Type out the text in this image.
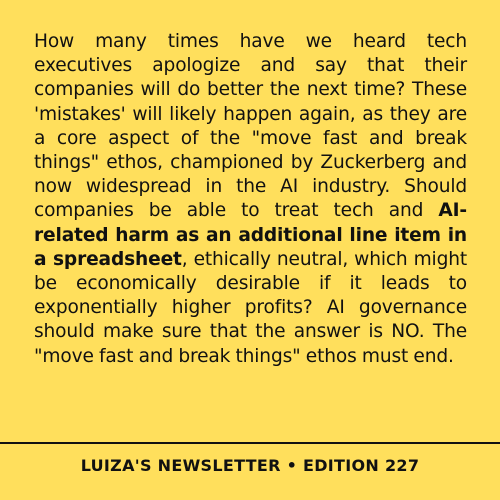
How many times have we heard tech executives apologize and say that their companies will do better the next time? These 'mistakes' will likely happen again, as they are a core aspect of the "move fast and break things" ethos, championed by Zuckerberg and now widespread in the AI industry. Should companies be able to treat tech and AI-related harm as an additional line item in a spreadsheet, ethically neutral, which might be economically desirable if it leads to exponentially higher profits? AI governance should make sure that the answer is NO. The "move fast and break things" ethos must end.

LUIZA'S NEWSLETTER • EDITION 227
